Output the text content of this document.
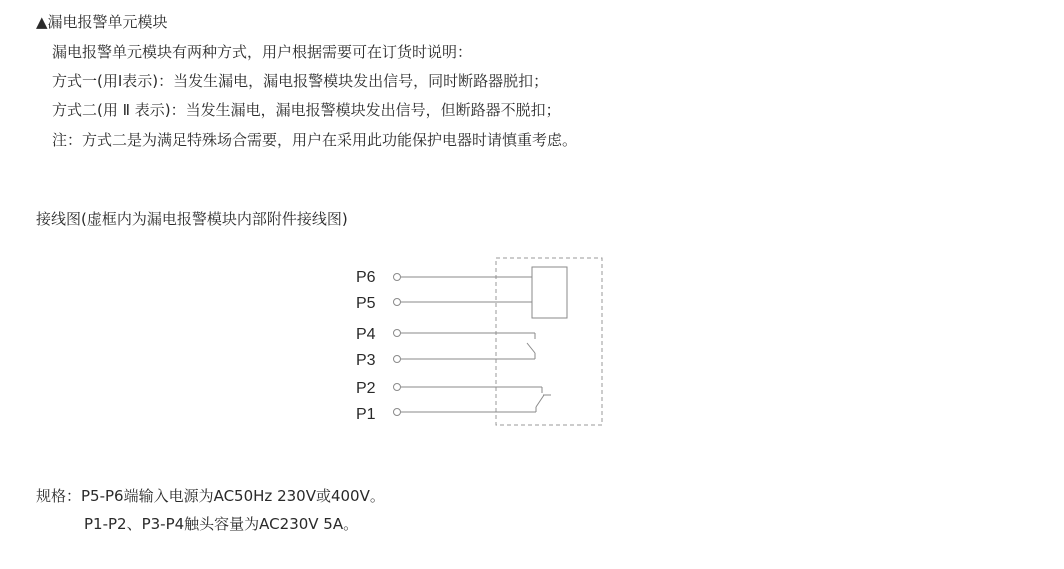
▲漏电报警单元模块
漏电报警单元模块有两种方式，用户根据需要可在订货时说明：
方式一(用Ⅰ表示)：当发生漏电，漏电报警模块发出信号，同时断路器脱扣；
方式二(用 Ⅱ 表示)：当发生漏电，漏电报警模块发出信号，但断路器不脱扣；
注：方式二是为满足特殊场合需要，用户在采用此功能保护电器时请慎重考虑。
接线图(虚框内为漏电报警模块内部附件接线图)
P6
P5
P4
P3
P2
P1
规格：P5-P6端输入电源为AC50Hz 230V或400V。
P1-P2、P3-P4触头容量为AC230V 5A。
